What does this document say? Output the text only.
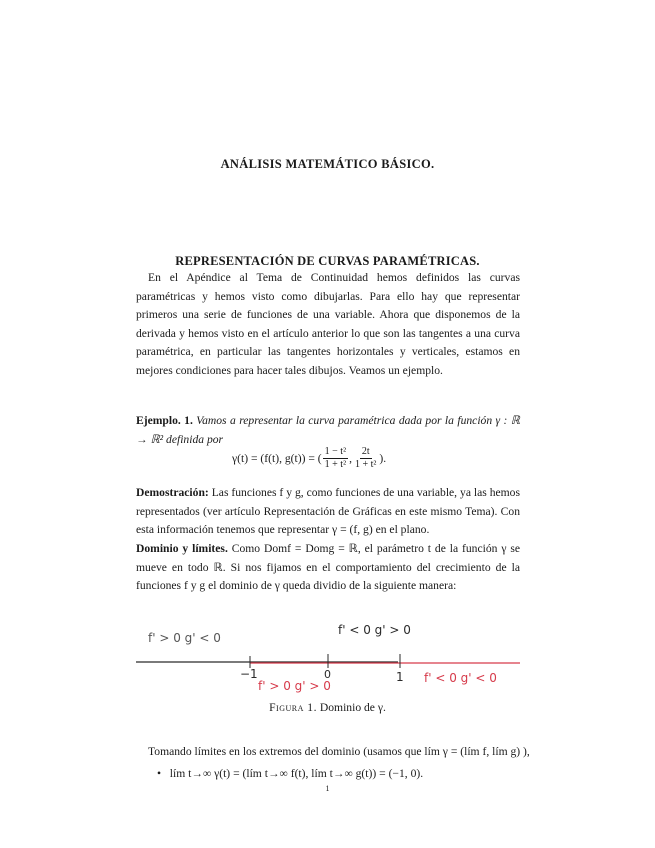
ANÁLISIS MATEMÁTICO BÁSICO.
REPRESENTACIÓN DE CURVAS PARAMÉTRICAS.
En el Apéndice al Tema de Continuidad hemos definidos las curvas paramétricas y hemos visto como dibujarlas. Para ello hay que representar primeros una serie de funciones de una variable. Ahora que disponemos de la derivada y hemos visto en el artículo anterior lo que son las tangentes a una curva paramétrica, en particular las tangentes horizontales y verticales, estamos en mejores condiciones para hacer tales dibujos. Veamos un ejemplo.
Ejemplo. 1. Vamos a representar la curva paramétrica dada por la función γ : ℝ → ℝ² definida por
γ(t) = (f(t), g(t)) = ( $\frac{\text{1 − t²}}{\text{1 + t²}}$ , $\frac{2t}{\text{1 + t²}}$ ).
Demostración: Las funciones f y g, como funciones de una variable, ya las hemos representados (ver artículo Representación de Gráficas en este mismo Tema). Con esta información tenemos que representar γ = (f, g) en el plano.
Dominio y límites. Como Domf = Domg = ℝ, el parámetro t de la función γ se mueve en todo ℝ. Si nos fijamos en el comportamiento del crecimiento de la funciones f y g el dominio de γ queda dividio de la siguiente manera:
−1	0	1
f' > 0 g' < 0
f' < 0 g' > 0
f' > 0 g' > 0
f' < 0 g' < 0
Figura 1. Dominio de γ.
Tomando límites en los extremos del dominio (usamos que lím γ = (lím f, lím g) ),
•   lím t→∞ γ(t) = (lím t→∞ f(t), lím t→∞ g(t)) = (−1, 0).
1
